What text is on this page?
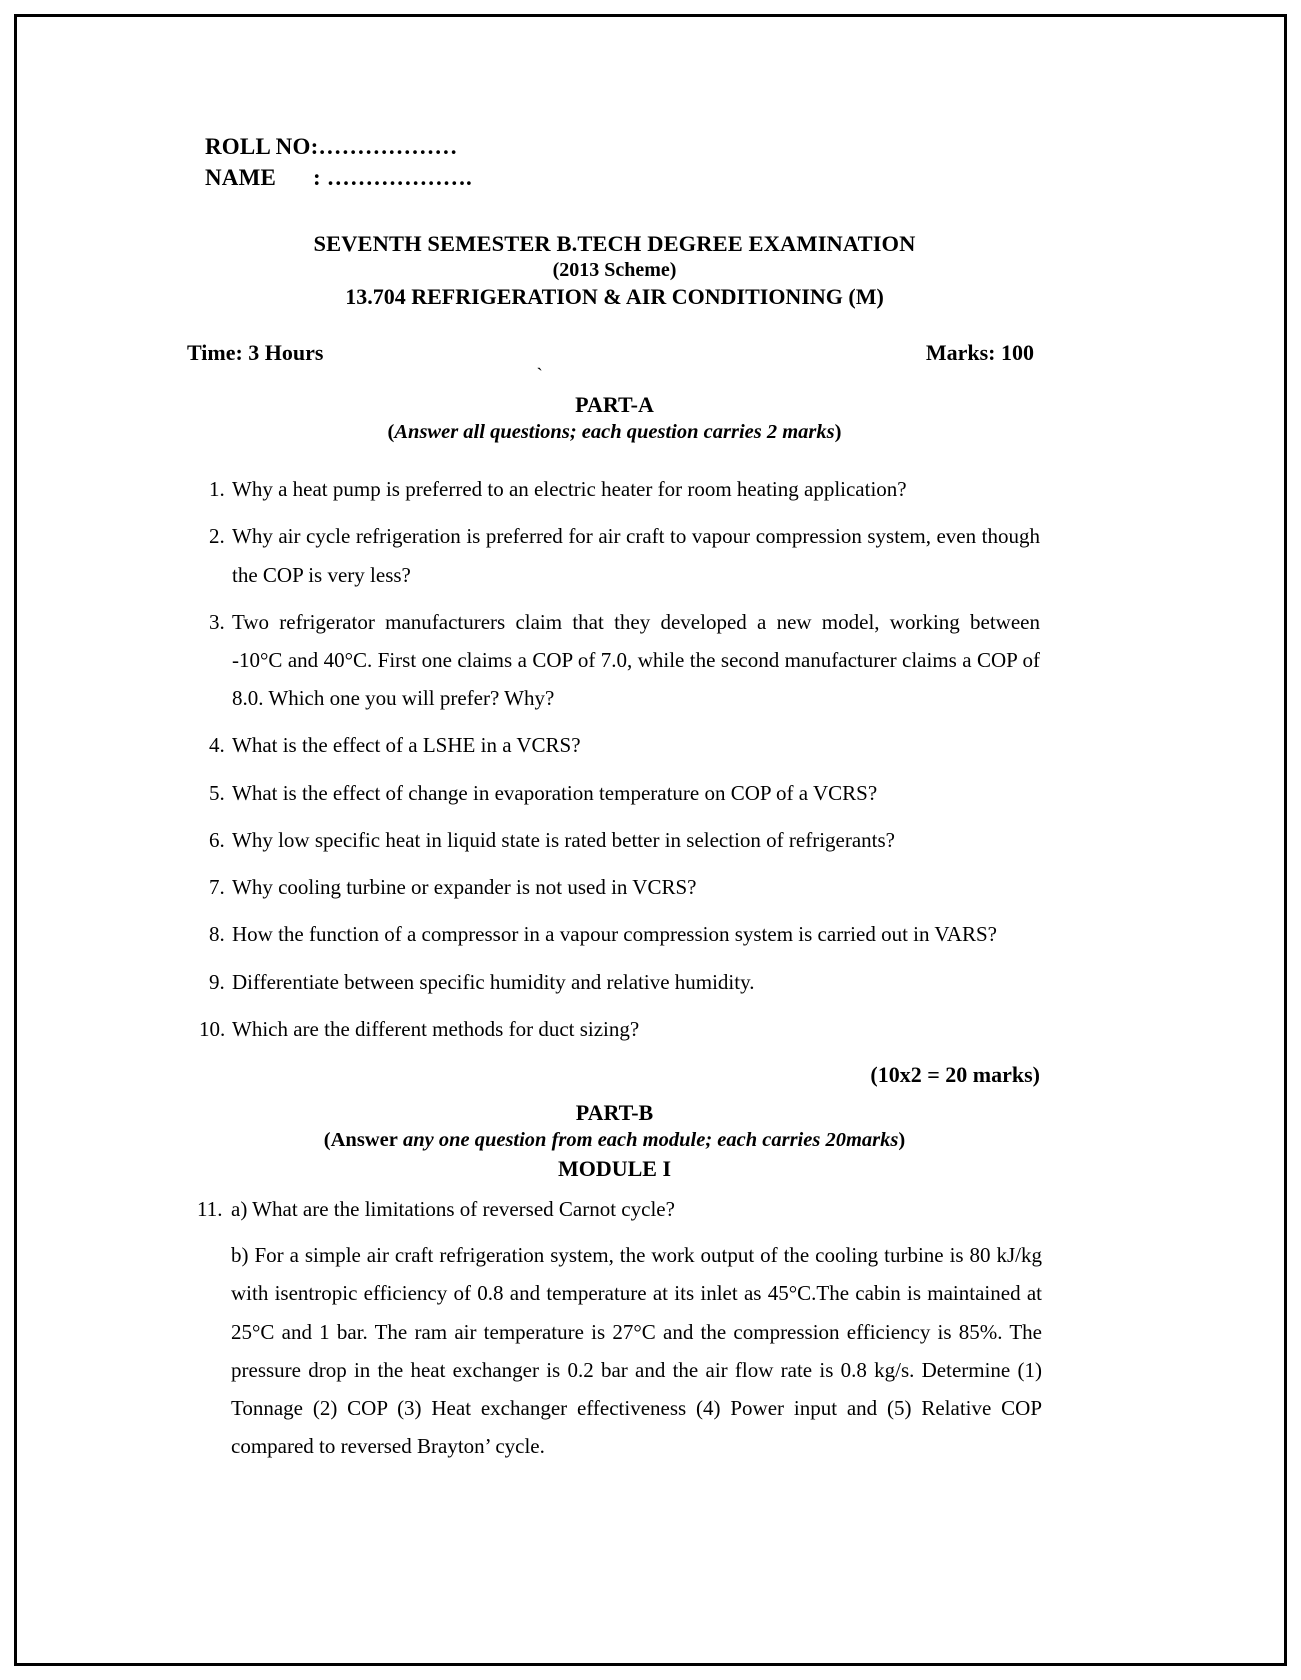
ROLL NO:………………
NAME : ……………….
SEVENTH SEMESTER B.TECH DEGREE EXAMINATION
(2013 Scheme)
13.704 REFRIGERATION & AIR CONDITIONING (M)
Time: 3 Hours	Marks: 100
`
PART-A
(Answer all questions; each question carries 2 marks)
1. Why a heat pump is preferred to an electric heater for room heating application?
2. Why air cycle refrigeration is preferred for air craft to vapour compression system, even though the COP is very less?
3. Two refrigerator manufacturers claim that they developed a new model, working between -10°C and 40°C. First one claims a COP of 7.0, while the second manufacturer claims a COP of 8.0. Which one you will prefer? Why?
4. What is the effect of a LSHE in a VCRS?
5. What is the effect of change in evaporation temperature on COP of a VCRS?
6. Why low specific heat in liquid state is rated better in selection of refrigerants?
7. Why cooling turbine or expander is not used in VCRS?
8. How the function of a compressor in a vapour compression system is carried out in VARS?
9. Differentiate between specific humidity and relative humidity.
10. Which are the different methods for duct sizing?
(10x2 = 20 marks)
PART-B
(Answer any one question from each module; each carries 20marks)
MODULE I
11. a) What are the limitations of reversed Carnot cycle?
b) For a simple air craft refrigeration system, the work output of the cooling turbine is 80 kJ/kg with isentropic efficiency of 0.8 and temperature at its inlet as 45°C.The cabin is maintained at 25°C and 1 bar. The ram air temperature is 27°C and the compression efficiency is 85%. The pressure drop in the heat exchanger is 0.2 bar and the air flow rate is 0.8 kg/s. Determine (1) Tonnage (2) COP (3) Heat exchanger effectiveness (4) Power input and (5) Relative COP compared to reversed Brayton’ cycle.
